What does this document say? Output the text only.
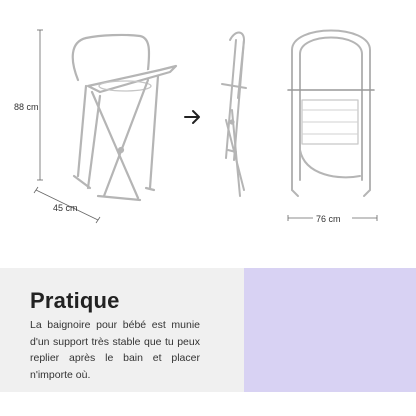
88 cm
45 cm
76 cm
Pratique

La baignoire pour bébé est munie d'un support très stable que tu peux replier après le bain et placer n'importe où.
